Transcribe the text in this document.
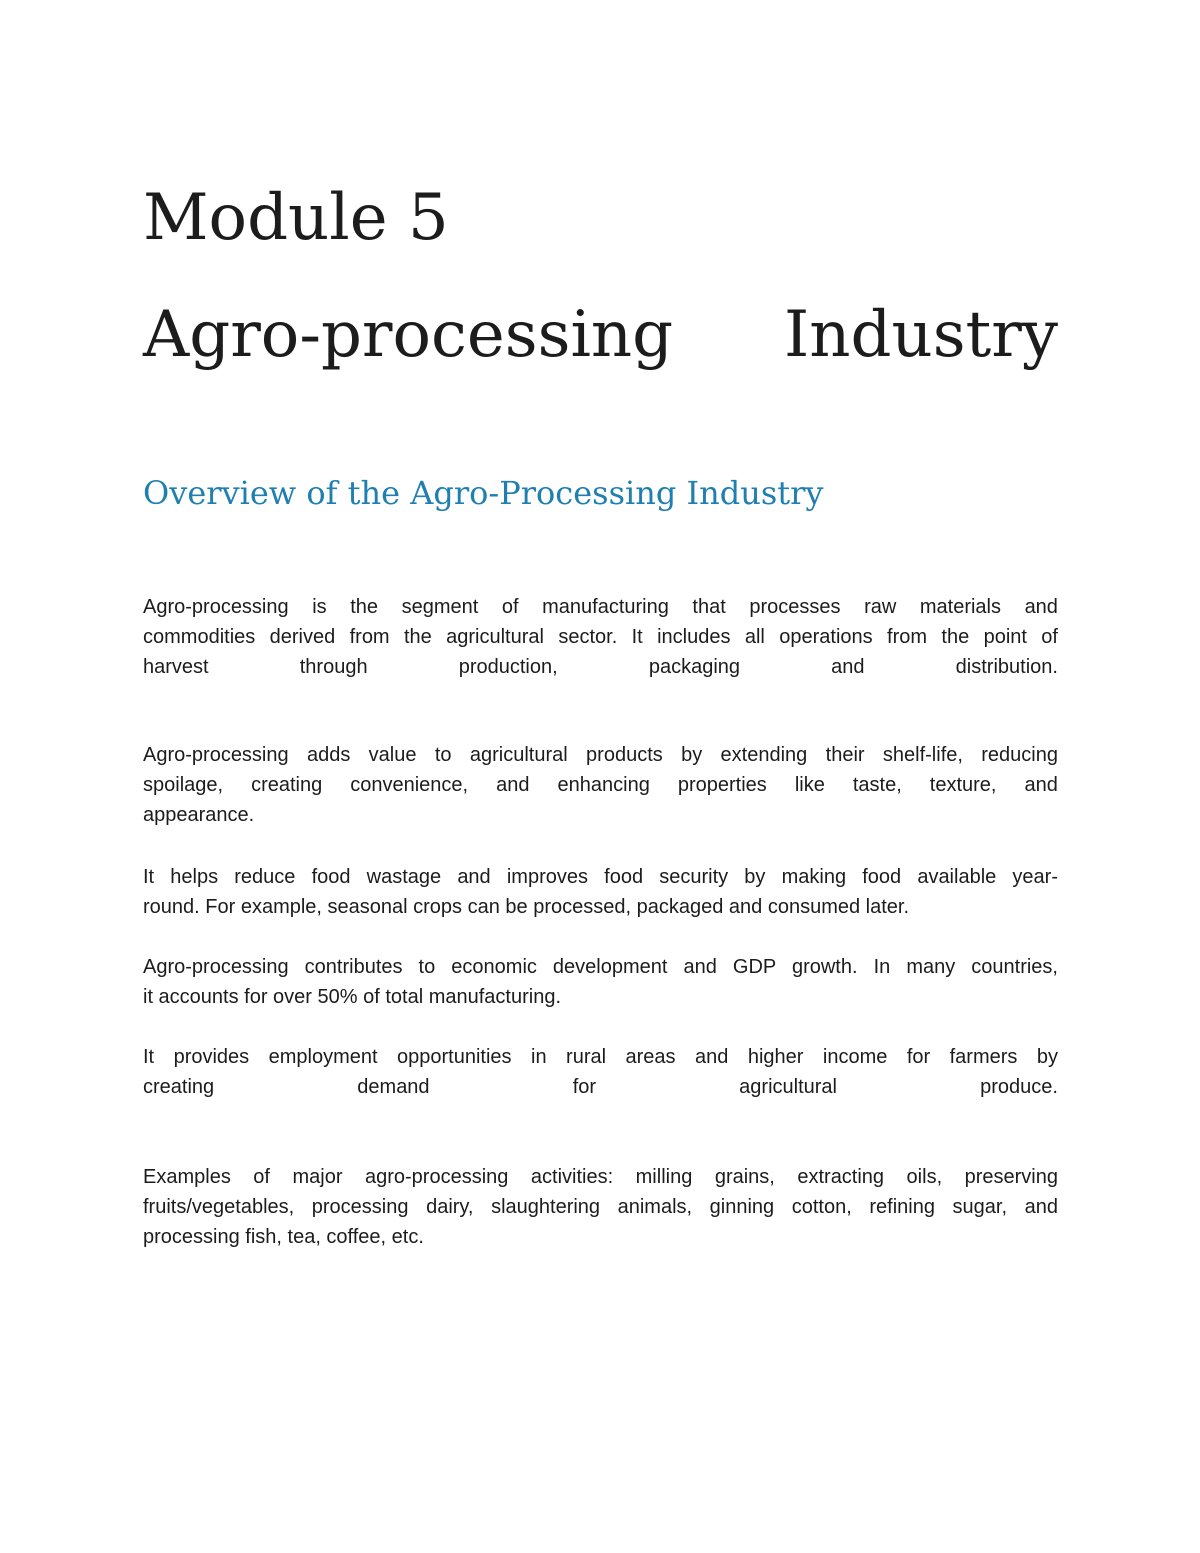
Module 5
Agro-processing Industry
Overview of the Agro-Processing Industry
Agro-processing is the segment of manufacturing that processes raw materials and
commodities derived from the agricultural sector. It includes all operations from the point of
harvest	through	production,	packaging	and	distribution.
Agro-processing adds value to agricultural products by extending their shelf-life, reducing
spoilage, creating convenience, and enhancing properties like taste, texture, and
appearance.
It helps reduce food wastage and improves food security by making food available year-
round. For example, seasonal crops can be processed, packaged and consumed later.
Agro-processing contributes to economic development and GDP growth. In many countries,
it accounts for over 50% of total manufacturing.
It provides employment opportunities in rural areas and higher income for farmers by
creating	demand	for	agricultural	produce.
Examples of major agro-processing activities: milling grains, extracting oils, preserving
fruits/vegetables, processing dairy, slaughtering animals, ginning cotton, refining sugar, and
processing fish, tea, coffee, etc.
